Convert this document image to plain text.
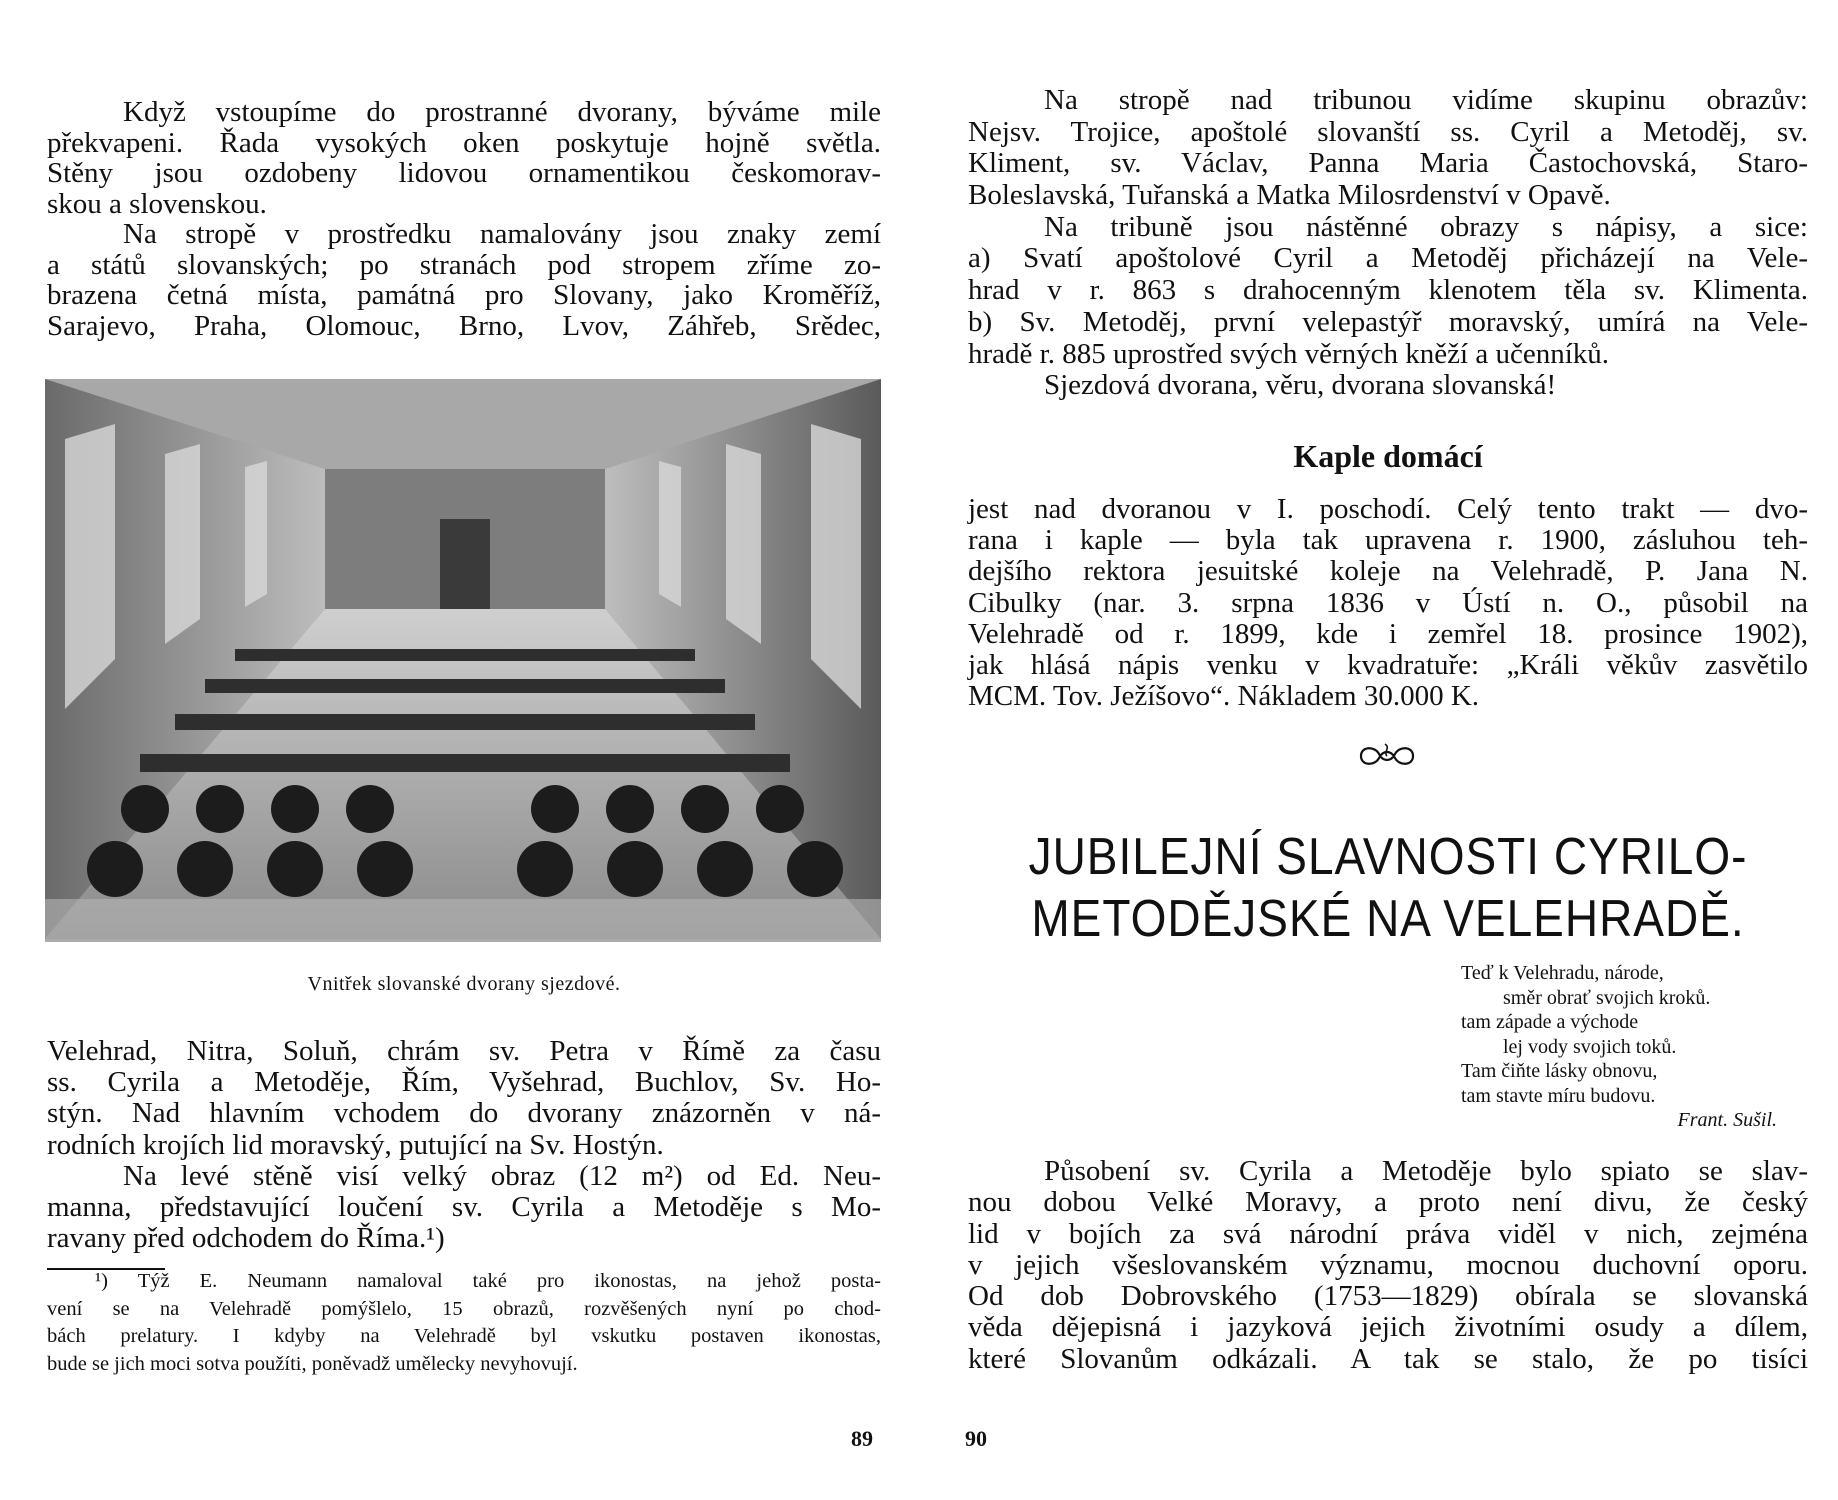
Když vstoupíme do prostranné dvorany, býváme mile
překvapeni. Řada vysokých oken poskytuje hojně světla.
Stěny jsou ozdobeny lidovou ornamentikou českomorav-
skou a slovenskou.
Na stropě v prostředku namalovány jsou znaky zemí
a států slovanských; po stranách pod stropem zříme zo-
brazena četná místa, památná pro Slovany, jako Kroměříž,
Sarajevo, Praha, Olomouc, Brno, Lvov, Záhřeb, Srědec,
Vnitřek slovanské dvorany sjezdové.
Velehrad, Nitra, Soluň, chrám sv. Petra v Římě za času
ss. Cyrila a Metoděje, Řím, Vyšehrad, Buchlov, Sv. Ho-
stýn. Nad hlavním vchodem do dvorany znázorněn v ná-
rodních krojích lid moravský, putující na Sv. Hostýn.
Na levé stěně visí velký obraz (12 m²) od Ed. Neu-
manna, představující loučení sv. Cyrila a Metoděje s Mo-
ravany před odchodem do Říma.¹)
¹) Týž E. Neumann namaloval také pro ikonostas, na jehož posta-
vení se na Velehradě pomýšlelo, 15 obrazů, rozvěšených nyní po chod-
bách prelatury. I kdyby na Velehradě byl vskutku postaven ikonostas,
bude se jich moci sotva použíti, poněvadž umělecky nevyhovují.
89
Na stropě nad tribunou vidíme skupinu obrazův:
Nejsv. Trojice, apoštolé slovanští ss. Cyril a Metoděj, sv.
Kliment, sv. Václav, Panna Maria Častochovská, Staro-
Boleslavská, Tuřanská a Matka Milosrdenství v Opavě.
Na tribuně jsou nástěnné obrazy s nápisy, a sice:
a) Svatí apoštolové Cyril a Metoděj přicházejí na Vele-
hrad v r. 863 s drahocenným klenotem těla sv. Klimenta.
b) Sv. Metoděj, první velepastýř moravský, umírá na Vele-
hradě r. 885 uprostřed svých věrných kněží a učenníků.
Sjezdová dvorana, věru, dvorana slovanská!
Kaple domácí
jest nad dvoranou v I. poschodí. Celý tento trakt — dvo-
rana i kaple — byla tak upravena r. 1900, zásluhou teh-
dejšího rektora jesuitské koleje na Velehradě, P. Jana N.
Cibulky (nar. 3. srpna 1836 v Ústí n. O., působil na
Velehradě od r. 1899, kde i zemřel 18. prosince 1902),
jak hlásá nápis venku v kvadratuře: „Králi věkův zasvětilo
MCM. Tov. Ježíšovo“. Nákladem 30.000 K.
JUBILEJNÍ SLAVNOSTI CYRILO-
METODĚJSKÉ NA VELEHRADĚ.
Teď k Velehradu, národe,
směr obrať svojich kroků.
tam západe a východe
lej vody svojich toků.
Tam čiňte lásky obnovu,
tam stavte míru budovu.
Frant. Sušil.
Působení sv. Cyrila a Metoděje bylo spiato se slav-
nou dobou Velké Moravy, a proto není divu, že český
lid v bojích za svá národní práva viděl v nich, zejména
v jejich všeslovanském významu, mocnou duchovní oporu.
Od dob Dobrovského (1753—1829) obírala se slovanská
věda dějepisná i jazyková jejich životními osudy a dílem,
které Slovanům odkázali. A tak se stalo, že po tisíci
90
